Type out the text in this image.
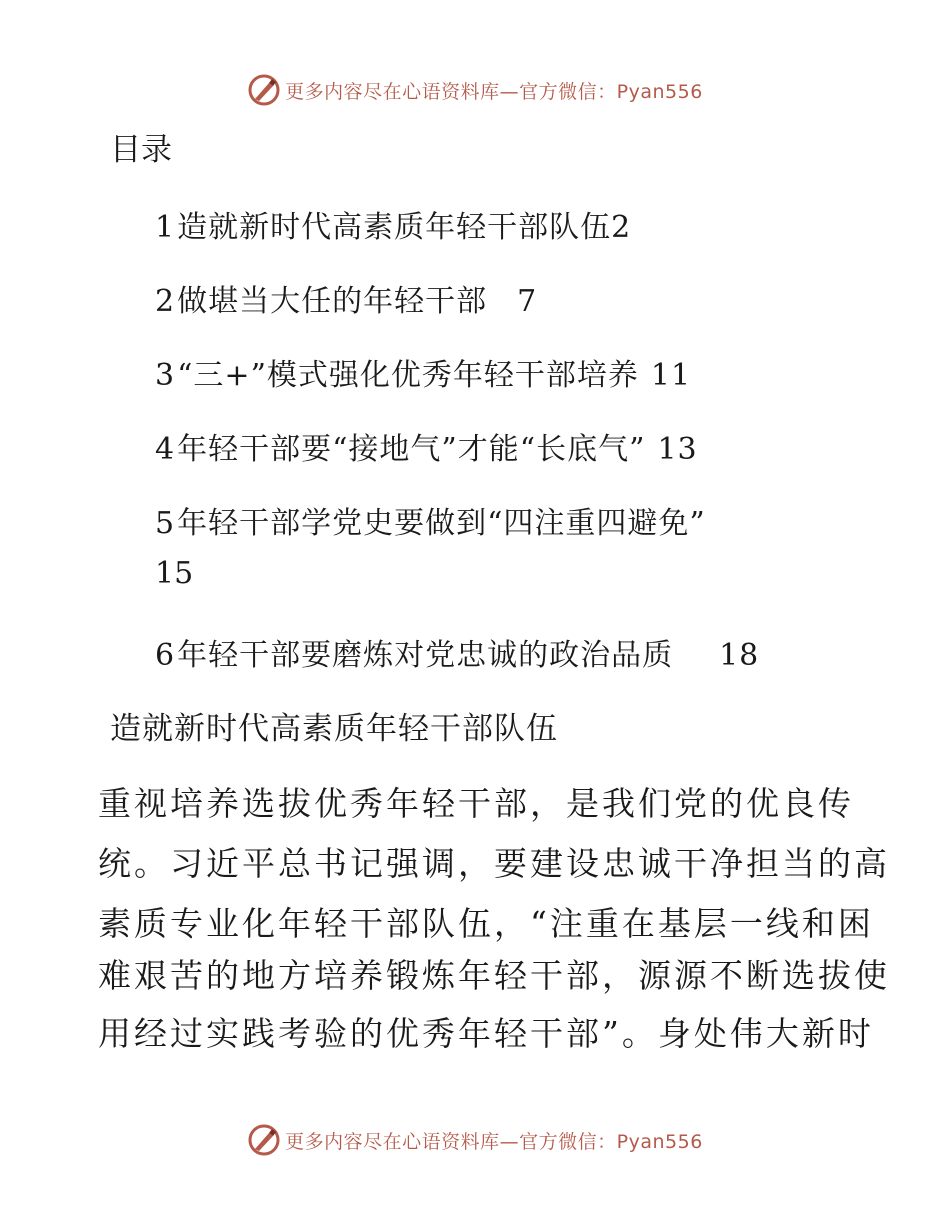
更多内容尽在心语资料库—官方微信：Pyan556
目录
1造就新时代高素质年轻干部队伍2
2做堪当大任的年轻干部 7
3“三+”模式强化优秀年轻干部培养 11
4年轻干部要“接地气”才能“长底气” 13
5年轻干部学党史要做到“四注重四避免”
15
6年轻干部要磨炼对党忠诚的政治品质 18
造就新时代高素质年轻干部队伍
重视培养选拔优秀年轻干部，是我们党的优良传
统。习近平总书记强调，要建设忠诚干净担当的高
素质专业化年轻干部队伍，“注重在基层一线和困
难艰苦的地方培养锻炼年轻干部，源源不断选拔使
用经过实践考验的优秀年轻干部”。身处伟大新时
更多内容尽在心语资料库—官方微信：Pyan556
